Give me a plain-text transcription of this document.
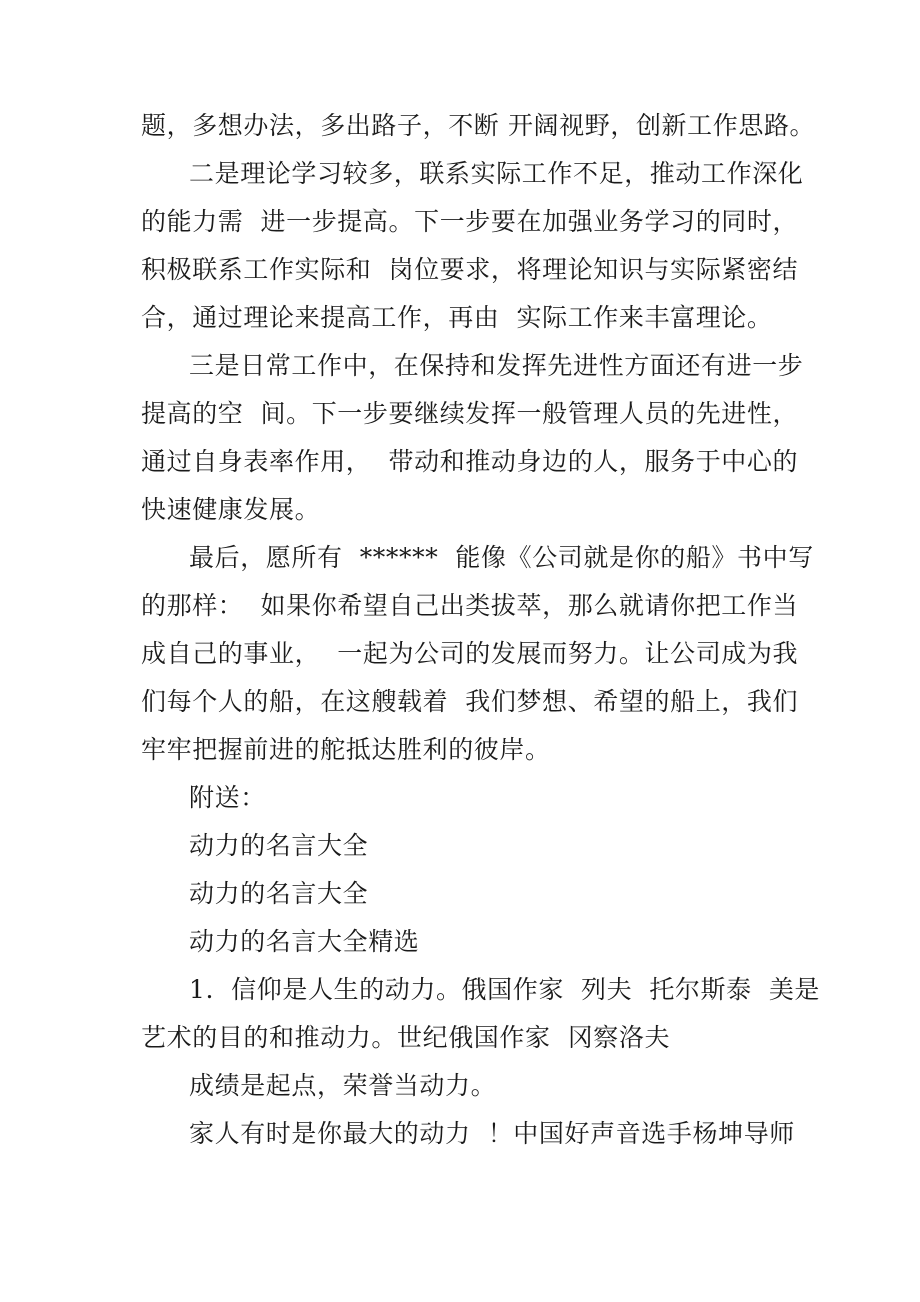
题，多想办法，多出路子，不断 开阔视野，创新工作思路。
二是理论学习较多，联系实际工作不足，推动工作深化
的能力需  进一步提高。下一步要在加强业务学习的同时，
积极联系工作实际和  岗位要求，将理论知识与实际紧密结
合，通过理论来提高工作，再由  实际工作来丰富理论。
三是日常工作中，在保持和发挥先进性方面还有进一步
提高的空  间。下一步要继续发挥一般管理人员的先进性，
通过自身表率作用，  带动和推动身边的人，服务于中心的
快速健康发展。
最后，愿所有  ******  能像《公司就是你的船》书中写
的那样：  如果你希望自己出类拔萃，那么就请你把工作当
成自己的事业，  一起为公司的发展而努力。让公司成为我
们每个人的船，在这艘载着  我们梦想、希望的船上，我们
牢牢把握前进的舵抵达胜利的彼岸。
附送：
动力的名言大全
动力的名言大全
动力的名言大全精选
1.  信仰是人生的动力。俄国作家  列夫  托尔斯泰  美是
艺术的目的和推动力。世纪俄国作家  冈察洛夫
成绩是起点，荣誉当动力。
家人有时是你最大的动力  ！中国好声音选手杨坤导师
